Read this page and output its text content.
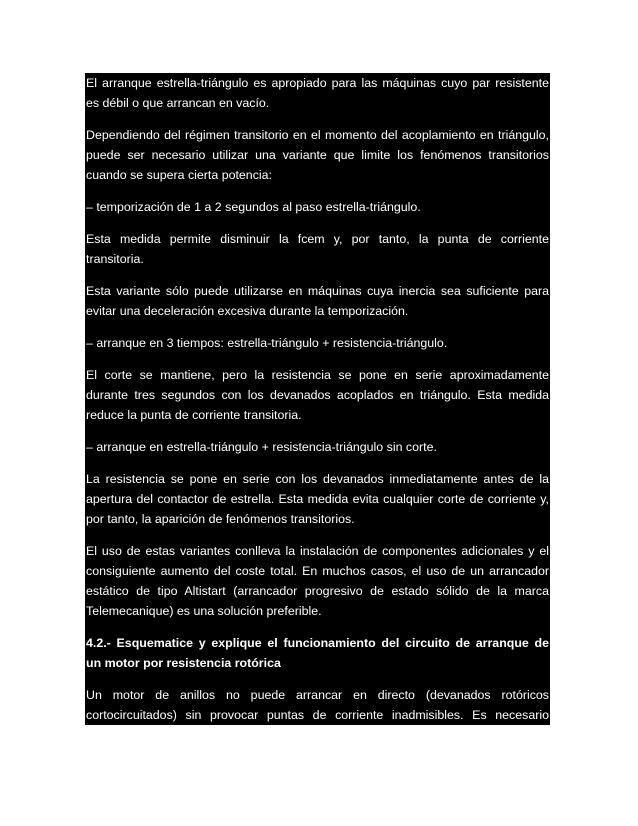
El arranque estrella-triángulo es apropiado para las máquinas cuyo par resistente
es débil o que arrancan en vacío.
Dependiendo del régimen transitorio en el momento del acoplamiento en triángulo,
puede ser necesario utilizar una variante que limite los fenómenos transitorios
cuando se supera cierta potencia:
– temporización de 1 a 2 segundos al paso estrella-triángulo.
Esta medida permite disminuir la fcem y, por tanto, la punta de corriente
transitoria.
Esta variante sólo puede utilizarse en máquinas cuya inercia sea suficiente para
evitar una deceleración excesiva durante la temporización.
– arranque en 3 tiempos: estrella-triángulo + resistencia-triángulo.
El corte se mantiene, pero la resistencia se pone en serie aproximadamente
durante tres segundos con los devanados acoplados en triángulo. Esta medida
reduce la punta de corriente transitoria.
– arranque en estrella-triángulo + resistencia-triángulo sin corte.
La resistencia se pone en serie con los devanados inmediatamente antes de la
apertura del contactor de estrella. Esta medida evita cualquier corte de corriente y,
por tanto, la aparición de fenómenos transitorios.
El uso de estas variantes conlleva la instalación de componentes adicionales y el
consiguiente aumento del coste total. En muchos casos, el uso de un arrancador
estático de tipo Altistart (arrancador progresivo de estado sólido de la marca
Telemecanique) es una solución preferible.
4.2.- Esquematice y explique el funcionamiento del circuito de arranque de
un motor por resistencia rotórica
Un motor de anillos no puede arrancar en directo (devanados rotóricos
cortocircuitados) sin provocar puntas de corriente inadmisibles. Es necesario
